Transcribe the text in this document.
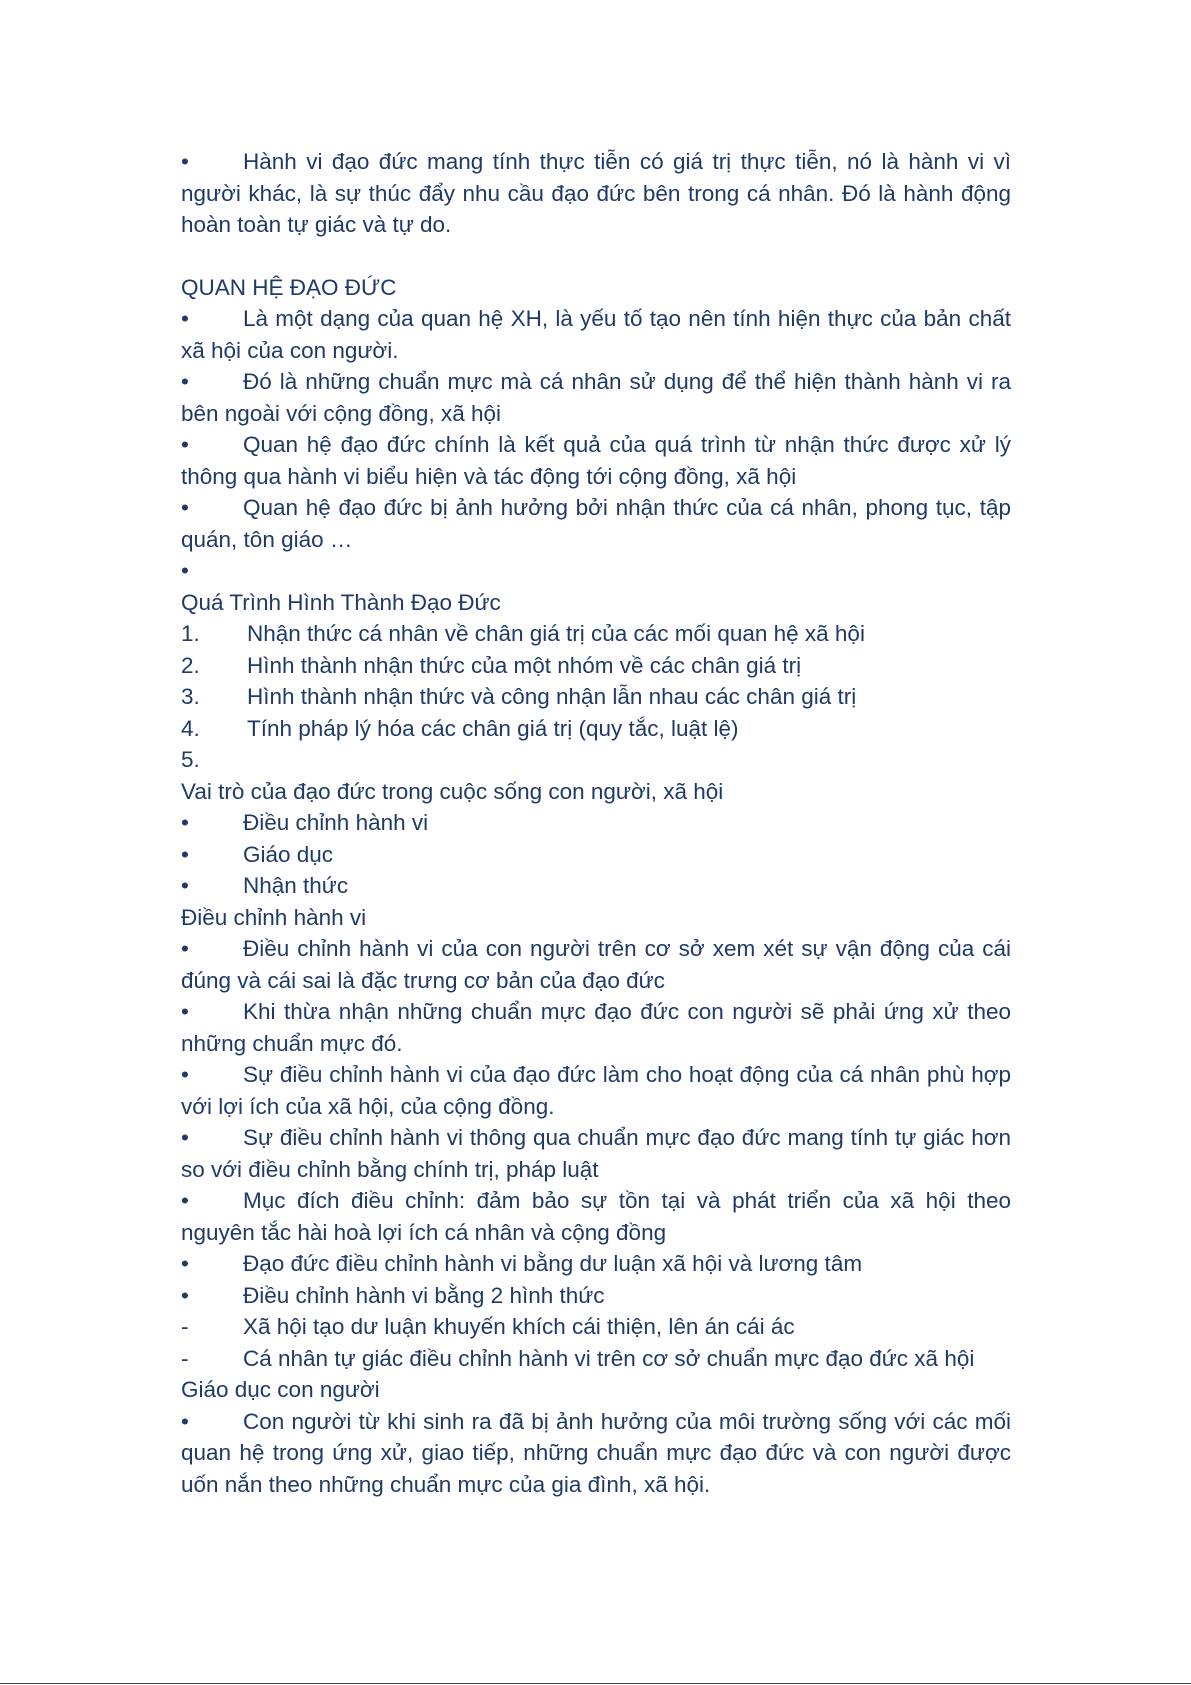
• Hành vi đạo đức mang tính thực tiễn có giá trị thực tiễn, nó là hành vi vì người khác, là sự thúc đẩy nhu cầu đạo đức bên trong cá nhân. Đó là hành động hoàn toàn tự giác và tự do.

QUAN HỆ ĐẠO ĐỨC

• Là một dạng của quan hệ XH, là yếu tố tạo nên tính hiện thực của bản chất xã hội của con người.

• Đó là những chuẩn mực mà cá nhân sử dụng để thể hiện thành hành vi ra bên ngoài với cộng đồng, xã hội

• Quan hệ đạo đức chính là kết quả của quá trình từ nhận thức được xử lý thông qua hành vi biểu hiện và tác động tới cộng đồng, xã hội

• Quan hệ đạo đức bị ảnh hưởng bởi nhận thức của cá nhân, phong tục, tập quán, tôn giáo …

•

Quá Trình Hình Thành Đạo Đức

1. Nhận thức cá nhân về chân giá trị của các mối quan hệ xã hội

2. Hình thành nhận thức của một nhóm về các chân giá trị

3. Hình thành nhận thức và công nhận lẫn nhau các chân giá trị

4. Tính pháp lý hóa các chân giá trị (quy tắc, luật lệ)

5.

Vai trò của đạo đức trong cuộc sống con người, xã hội

• Điều chỉnh hành vi

• Giáo dục

• Nhận thức

Điều chỉnh hành vi

• Điều chỉnh hành vi của con người trên cơ sở xem xét sự vận động của cái đúng và cái sai là đặc trưng cơ bản của đạo đức

• Khi thừa nhận những chuẩn mực đạo đức con người sẽ phải ứng xử theo những chuẩn mực đó.

• Sự điều chỉnh hành vi của đạo đức làm cho hoạt động của cá nhân phù hợp với lợi ích của xã hội, của cộng đồng.

• Sự điều chỉnh hành vi thông qua chuẩn mực đạo đức mang tính tự giác hơn so với điều chỉnh bằng chính trị, pháp luật

• Mục đích điều chỉnh: đảm bảo sự tồn tại và phát triển của xã hội theo nguyên tắc hài hoà lợi ích cá nhân và cộng đồng

• Đạo đức điều chỉnh hành vi bằng dư luận xã hội và lương tâm

• Điều chỉnh hành vi bằng 2 hình thức

- Xã hội tạo dư luận khuyến khích cái thiện, lên án cái ác

- Cá nhân tự giác điều chỉnh hành vi trên cơ sở chuẩn mực đạo đức xã hội

Giáo dục con người

• Con người từ khi sinh ra đã bị ảnh hưởng của môi trường sống với các mối quan hệ trong ứng xử, giao tiếp, những chuẩn mực đạo đức và con người được uốn nắn theo những chuẩn mực của gia đình, xã hội.
